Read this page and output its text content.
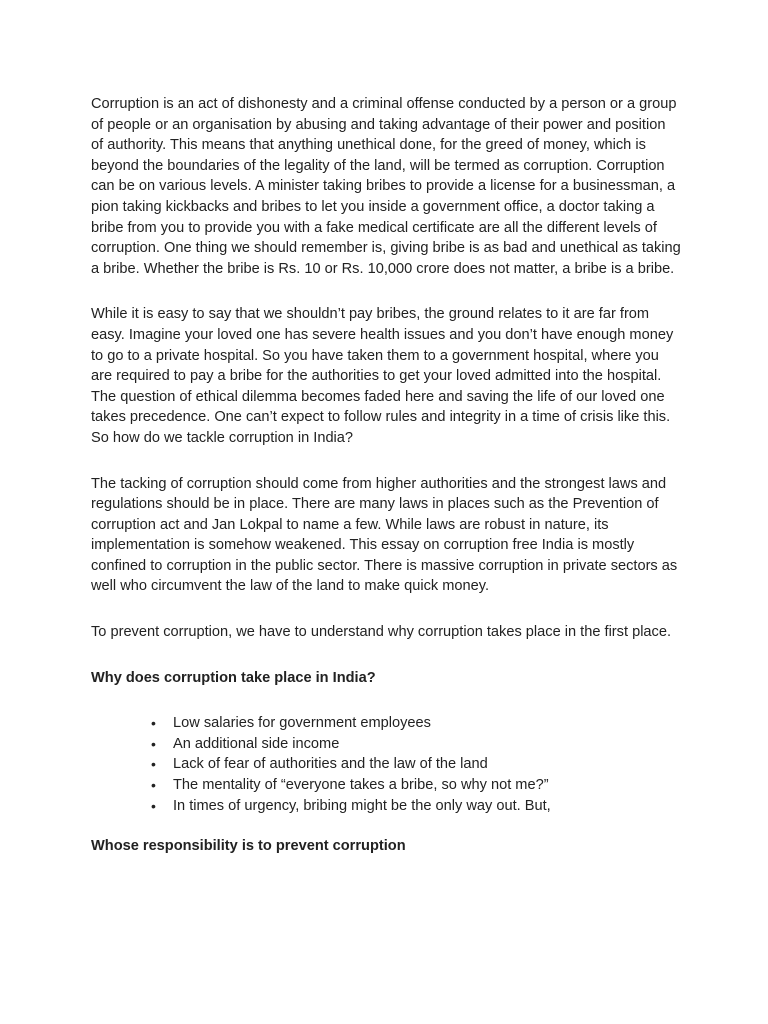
Corruption is an act of dishonesty and a criminal offense conducted by a person or a group of people or an organisation by abusing and taking advantage of their power and position of authority. This means that anything unethical done, for the greed of money, which is beyond the boundaries of the legality of the land, will be termed as corruption. Corruption can be on various levels. A minister taking bribes to provide a license for a businessman, a pion taking kickbacks and bribes to let you inside a government office, a doctor taking a bribe from you to provide you with a fake medical certificate are all the different levels of corruption. One thing we should remember is, giving bribe is as bad and unethical as taking a bribe. Whether the bribe is Rs. 10 or Rs. 10,000 crore does not matter, a bribe is a bribe.

While it is easy to say that we shouldn’t pay bribes, the ground relates to it are far from easy. Imagine your loved one has severe health issues and you don’t have enough money to go to a private hospital. So you have taken them to a government hospital, where you are required to pay a bribe for the authorities to get your loved admitted into the hospital. The question of ethical dilemma becomes faded here and saving the life of our loved one takes precedence. One can’t expect to follow rules and integrity in a time of crisis like this. So how do we tackle corruption in India?

The tacking of corruption should come from higher authorities and the strongest laws and regulations should be in place. There are many laws in places such as the Prevention of corruption act and Jan Lokpal to name a few. While laws are robust in nature, its implementation is somehow weakened. This essay on corruption free India is mostly confined to corruption in the public sector. There is massive corruption in private sectors as well who circumvent the law of the land to make quick money.

To prevent corruption, we have to understand why corruption takes place in the first place.

Why does corruption take place in India?

• Low salaries for government employees
• An additional side income
• Lack of fear of authorities and the law of the land
• The mentality of “everyone takes a bribe, so why not me?”
• In times of urgency, bribing might be the only way out. But,

Whose responsibility is to prevent corruption
